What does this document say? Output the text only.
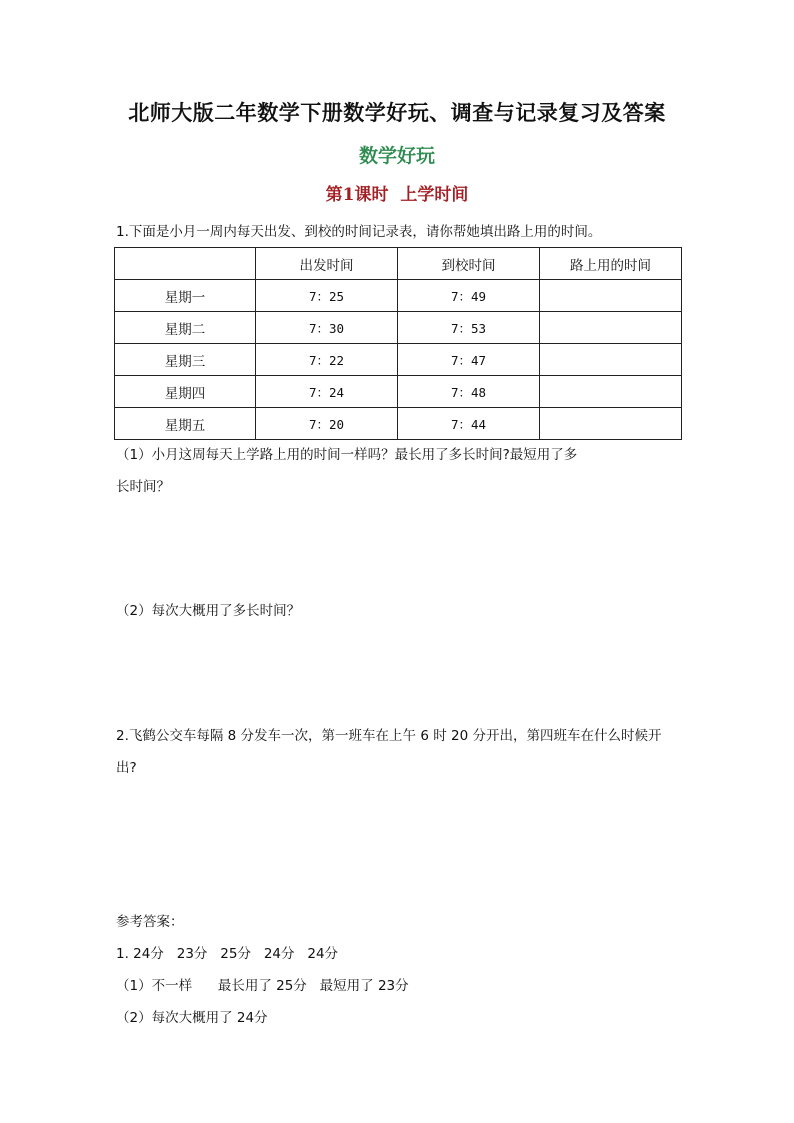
北师大版二年数学下册数学好玩、调查与记录复习及答案
数学好玩
第1课时  上学时间
1.下面是小月一周内每天出发、到校的时间记录表，请你帮她填出路上用的时间。
	出发时间	到校时间	路上用的时间
星期一	7：25	7：49	
星期二	7：30	7：53	
星期三	7：22	7：47	
星期四	7：24	7：48	
星期五	7：20	7：44	
（1）小月这周每天上学路上用的时间一样吗？最长用了多长时间?最短用了多
长时间？
（2）每次大概用了多长时间？
2.飞鹤公交车每隔 8 分发车一次，第一班车在上午 6 时 20 分开出，第四班车在什么时候开
出?
参考答案：
1. 24分   23分   25分   24分   24分
（1）不一样      最长用了 25分   最短用了 23分
（2）每次大概用了 24分
